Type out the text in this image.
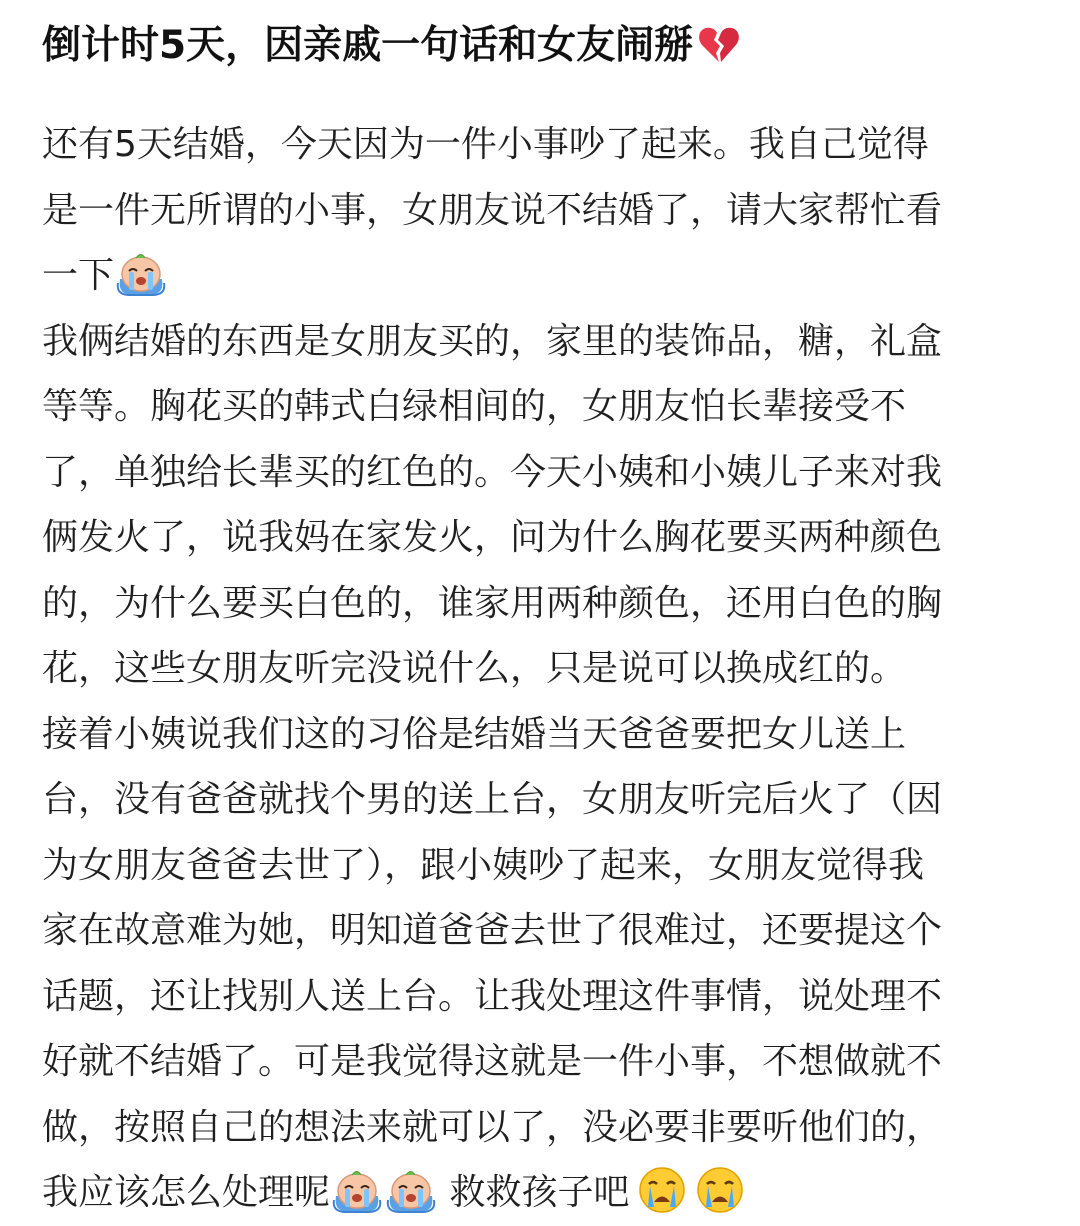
倒计时5天，因亲戚一句话和女友闹掰
还有5天结婚，今天因为一件小事吵了起来。我自己觉得
是一件无所谓的小事，女朋友说不结婚了，请大家帮忙看
一下
我俩结婚的东西是女朋友买的，家里的装饰品，糖，礼盒
等等。胸花买的韩式白绿相间的，女朋友怕长辈接受不
了，单独给长辈买的红色的。今天小姨和小姨儿子来对我
俩发火了，说我妈在家发火，问为什么胸花要买两种颜色
的，为什么要买白色的，谁家用两种颜色，还用白色的胸
花，这些女朋友听完没说什么，只是说可以换成红的。
接着小姨说我们这的习俗是结婚当天爸爸要把女儿送上
台，没有爸爸就找个男的送上台，女朋友听完后火了（因
为女朋友爸爸去世了），跟小姨吵了起来，女朋友觉得我
家在故意难为她，明知道爸爸去世了很难过，还要提这个
话题，还让找别人送上台。让我处理这件事情，说处理不
好就不结婚了。可是我觉得这就是一件小事，不想做就不
做，按照自己的想法来就可以了，没必要非要听他们的，
我应该怎么处理呢	救救孩子吧
